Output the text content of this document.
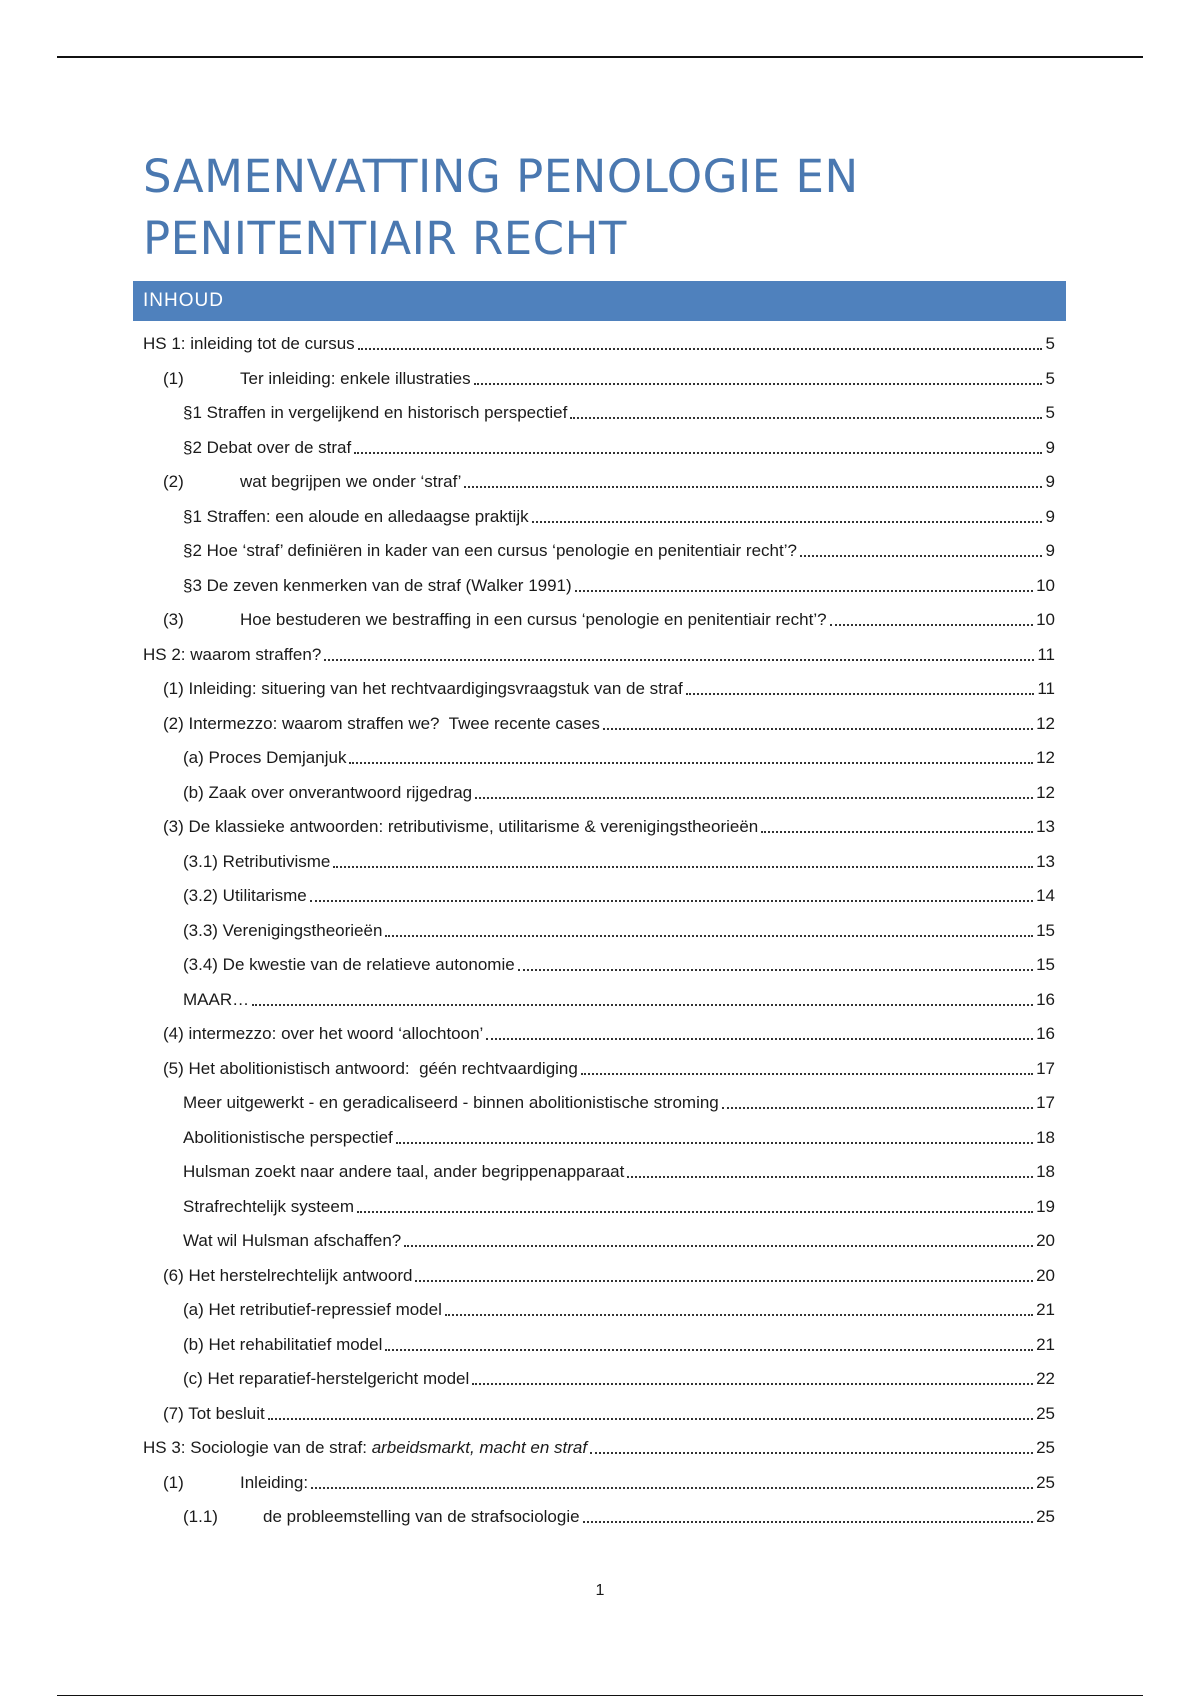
SAMENVATTING PENOLOGIE EN PENITENTIAIR RECHT
INHOUD
HS 1: inleiding tot de cursus	5
(1)	Ter inleiding: enkele illustraties	5
§1 Straffen in vergelijkend en historisch perspectief	5
§2 Debat over de straf	9
(2)	wat begrijpen we onder ‘straf’	9
§1 Straffen: een aloude en alledaagse praktijk	9
§2 Hoe ‘straf’ definiëren in kader van een cursus ‘penologie en penitentiair recht’?	9
§3 De zeven kenmerken van de straf (Walker 1991)	10
(3)	Hoe bestuderen we bestraffing in een cursus ‘penologie en penitentiair recht’?	10
HS 2: waarom straffen?	11
(1) Inleiding: situering van het rechtvaardigingsvraagstuk van de straf	11
(2) Intermezzo: waarom straffen we?  Twee recente cases	12
(a) Proces Demjanjuk	12
(b) Zaak over onverantwoord rijgedrag	12
(3) De klassieke antwoorden: retributivisme, utilitarisme & verenigingstheorieën	13
(3.1) Retributivisme	13
(3.2) Utilitarisme	14
(3.3) Verenigingstheorieën	15
(3.4) De kwestie van de relatieve autonomie	15
MAAR…	16
(4) intermezzo: over het woord ‘allochtoon’	16
(5) Het abolitionistisch antwoord:  géén rechtvaardiging	17
Meer uitgewerkt - en geradicaliseerd - binnen abolitionistische stroming	17
Abolitionistische perspectief	18
Hulsman zoekt naar andere taal, ander begrippenapparaat	18
Strafrechtelijk systeem	19
Wat wil Hulsman afschaffen?	20
(6) Het herstelrechtelijk antwoord	20
(a) Het retributief-repressief model	21
(b) Het rehabilitatief model	21
(c) Het reparatief-herstelgericht model	22
(7) Tot besluit	25
HS 3: Sociologie van de straf: arbeidsmarkt, macht en straf	25
(1)	Inleiding:	25
(1.1)	de probleemstelling van de strafsociologie	25
1
